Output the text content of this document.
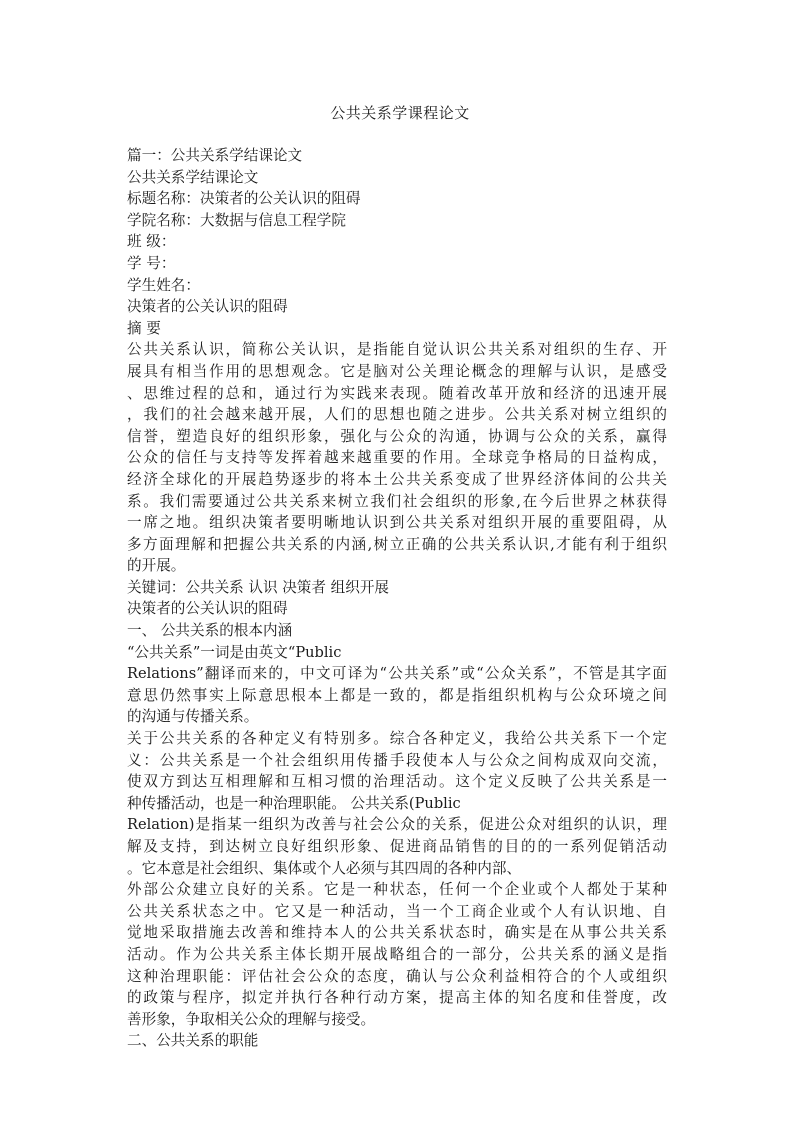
公共关系学课程论文
篇一：公共关系学结课论文
公共关系学结课论文
标题名称：决策者的公关认识的阻碍
学院名称：大数据与信息工程学院
班 级：
学 号：
学生姓名：
决策者的公关认识的阻碍
摘 要
公共关系认识，简称公关认识，是指能自觉认识公共关系对组织的生存、开
展具有相当作用的思想观念。它是脑对公关理论概念的理解与认识，是感受
、思维过程的总和，通过行为实践来表现。随着改革开放和经济的迅速开展
，我们的社会越来越开展，人们的思想也随之进步。公共关系对树立组织的
信誉，塑造良好的组织形象，强化与公众的沟通，协调与公众的关系，赢得
公众的信任与支持等发挥着越来越重要的作用。全球竞争格局的日益构成，
经济全球化的开展趋势逐步的将本土公共关系变成了世界经济体间的公共关
系。我们需要通过公共关系来树立我们社会组织的形象,在今后世界之林获得
一席之地。组织决策者要明晰地认识到公共关系对组织开展的重要阻碍，从
多方面理解和把握公共关系的内涵,树立正确的公共关系认识,才能有利于组织
的开展。
关键词：公共关系 认识 决策者 组织开展
决策者的公关认识的阻碍
一、 公共关系的根本内涵
“公共关系”一词是由英文“Public
Relations”翻译而来的，中文可译为“公共关系”或“公众关系”，不管是其字面
意思仍然事实上际意思根本上都是一致的，都是指组织机构与公众环境之间
的沟通与传播关系。
关于公共关系的各种定义有特别多。综合各种定义，我给公共关系下一个定
义：公共关系是一个社会组织用传播手段使本人与公众之间构成双向交流，
使双方到达互相理解和互相习惯的治理活动。这个定义反映了公共关系是一
种传播活动，也是一种治理职能。 公共关系(Public
Relation)是指某一组织为改善与社会公众的关系，促进公众对组织的认识，理
解及支持，到达树立良好组织形象、促进商品销售的目的的一系列促销活动
。它本意是社会组织、集体或个人必须与其四周的各种内部、
外部公众建立良好的关系。它是一种状态，任何一个企业或个人都处于某种
公共关系状态之中。它又是一种活动，当一个工商企业或个人有认识地、自
觉地采取措施去改善和维持本人的公共关系状态时，确实是在从事公共关系
活动。作为公共关系主体长期开展战略组合的一部分，公共关系的涵义是指
这种治理职能：评估社会公众的态度，确认与公众利益相符合的个人或组织
的政策与程序，拟定并执行各种行动方案，提高主体的知名度和佳誉度，改
善形象，争取相关公众的理解与接受。
二、公共关系的职能
